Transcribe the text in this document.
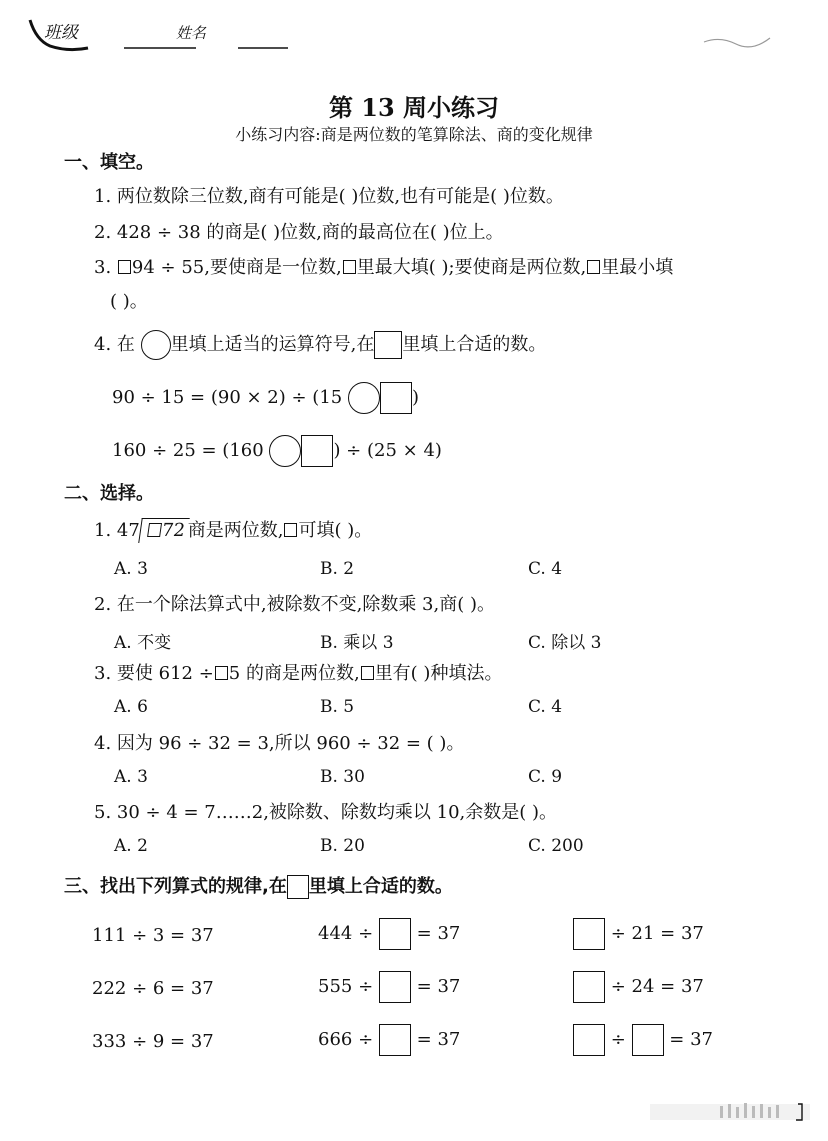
班级	姓名
第 13 周小练习
小练习内容:商是两位数的笔算除法、商的变化规律
一、填空。
1. 两位数除三位数,商有可能是( )位数,也有可能是( )位数。
2. 428 ÷ 38 的商是( )位数,商的最高位在( )位上。
3. 94 ÷ 55,要使商是一位数, 里最大填( );要使商是两位数, 里最小填
( )。
4. 在 里填上适当的运算符号,在 里填上合适的数。
90 ÷ 15 = (90 × 2) ÷ (15	)
160 ÷ 25 = (160	) ÷ (25 × 4)
二、选择。
1. 47 72商是两位数, 可填( )。
A. 3	B. 2	C. 4
2. 在一个除法算式中,被除数不变,除数乘 3,商( )。
A. 不变	B. 乘以 3	C. 除以 3
3. 要使 612 ÷ 5 的商是两位数, 里有( )种填法。
A. 6	B. 5	C. 4
4. 因为 96 ÷ 32 = 3,所以 960 ÷ 32 = ( )。
A. 3	B. 30	C. 9
5. 30 ÷ 4 = 7……2,被除数、除数均乘以 10,余数是( )。
A. 2	B. 20	C. 200
三、找出下列算式的规律,在 里填上合适的数。
111 ÷ 3 = 37	444 ÷ = 37	÷ 21 = 37
222 ÷ 6 = 37	555 ÷ = 37	÷ 24 = 37
333 ÷ 9 = 37	666 ÷ = 37	÷ = 37
